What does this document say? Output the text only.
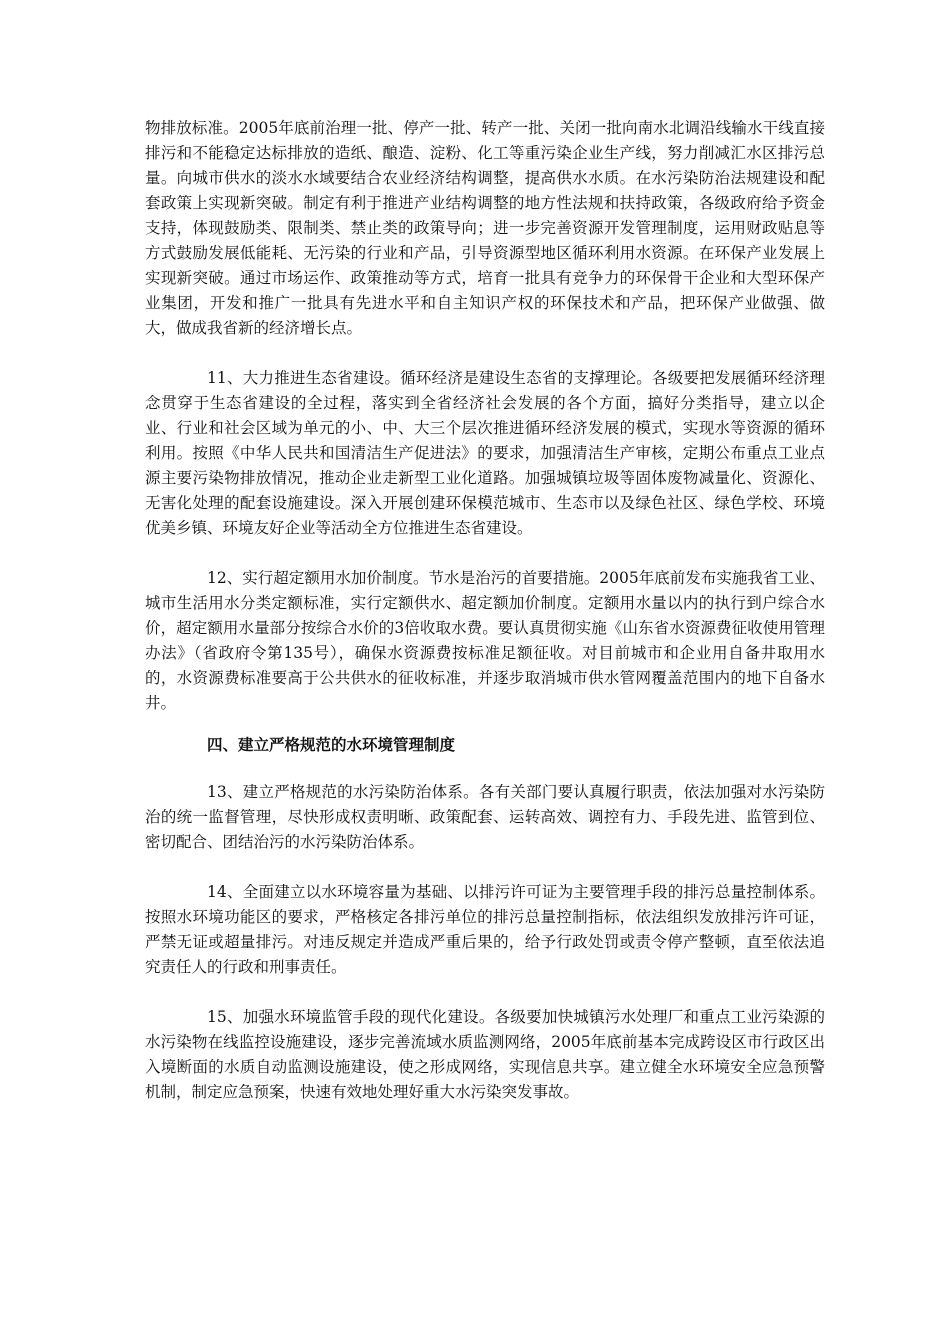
物排放标准。2005年底前治理一批、停产一批、转产一批、关闭一批向南水北调沿线输水干线直接排污和不能稳定达标排放的造纸、酿造、淀粉、化工等重污染企业生产线，努力削减汇水区排污总量。向城市供水的淡水水域要结合农业经济结构调整，提高供水水质。在水污染防治法规建设和配套政策上实现新突破。制定有利于推进产业结构调整的地方性法规和扶持政策，各级政府给予资金支持，体现鼓励类、限制类、禁止类的政策导向；进一步完善资源开发管理制度，运用财政贴息等方式鼓励发展低能耗、无污染的行业和产品，引导资源型地区循环利用水资源。在环保产业发展上实现新突破。通过市场运作、政策推动等方式，培育一批具有竞争力的环保骨干企业和大型环保产业集团，开发和推广一批具有先进水平和自主知识产权的环保技术和产品，把环保产业做强、做大，做成我省新的经济增长点。

11、大力推进生态省建设。循环经济是建设生态省的支撑理论。各级要把发展循环经济理念贯穿于生态省建设的全过程，落实到全省经济社会发展的各个方面，搞好分类指导，建立以企业、行业和社会区域为单元的小、中、大三个层次推进循环经济发展的模式，实现水等资源的循环利用。按照《中华人民共和国清洁生产促进法》的要求，加强清洁生产审核，定期公布重点工业点源主要污染物排放情况，推动企业走新型工业化道路。加强城镇垃圾等固体废物减量化、资源化、无害化处理的配套设施建设。深入开展创建环保模范城市、生态市以及绿色社区、绿色学校、环境优美乡镇、环境友好企业等活动全方位推进生态省建设。

12、实行超定额用水加价制度。节水是治污的首要措施。2005年底前发布实施我省工业、城市生活用水分类定额标准，实行定额供水、超定额加价制度。定额用水量以内的执行到户综合水价，超定额用水量部分按综合水价的3倍收取水费。要认真贯彻实施《山东省水资源费征收使用管理办法》（省政府令第135号），确保水资源费按标准足额征收。对目前城市和企业用自备井取用水的，水资源费标准要高于公共供水的征收标准，并逐步取消城市供水管网覆盖范围内的地下自备水井。

四、建立严格规范的水环境管理制度

13、建立严格规范的水污染防治体系。各有关部门要认真履行职责，依法加强对水污染防治的统一监督管理，尽快形成权责明晰、政策配套、运转高效、调控有力、手段先进、监管到位、密切配合、团结治污的水污染防治体系。

14、全面建立以水环境容量为基础、以排污许可证为主要管理手段的排污总量控制体系。按照水环境功能区的要求，严格核定各排污单位的排污总量控制指标，依法组织发放排污许可证，严禁无证或超量排污。对违反规定并造成严重后果的，给予行政处罚或责令停产整顿，直至依法追究责任人的行政和刑事责任。

15、加强水环境监管手段的现代化建设。各级要加快城镇污水处理厂和重点工业污染源的水污染物在线监控设施建设，逐步完善流域水质监测网络，2005年底前基本完成跨设区市行政区出入境断面的水质自动监测设施建设，使之形成网络，实现信息共享。建立健全水环境安全应急预警机制，制定应急预案，快速有效地处理好重大水污染突发事故。
